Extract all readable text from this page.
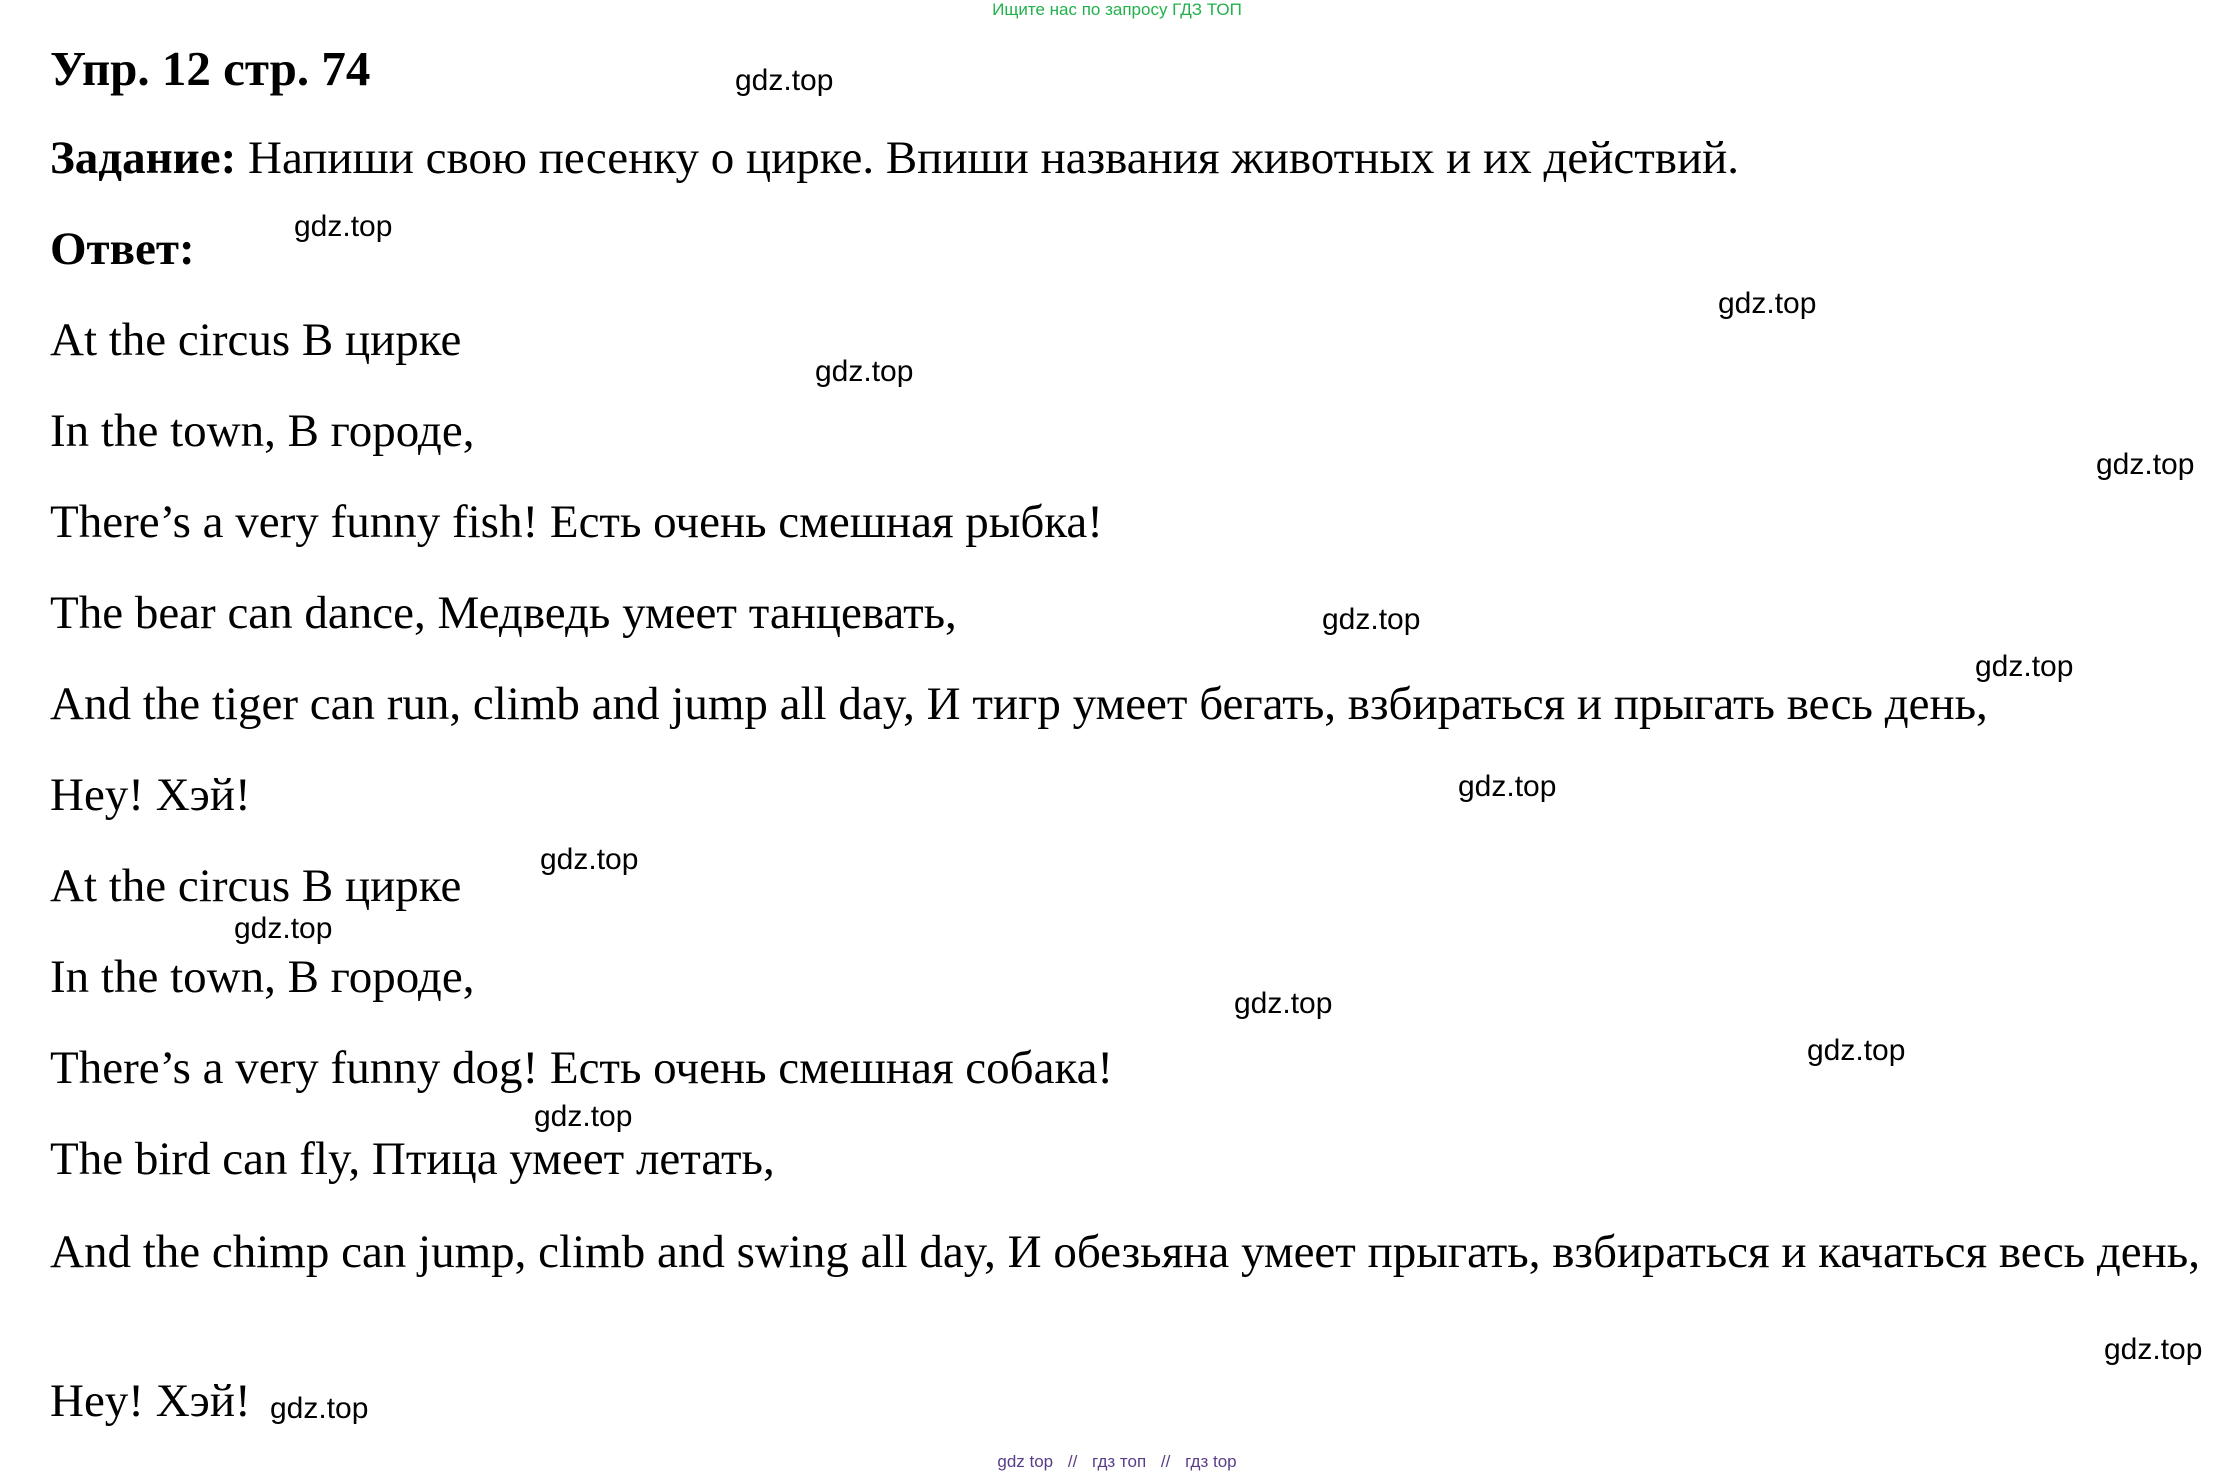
Ищите нас по запросу ГДЗ ТОП
Упр. 12 стр. 74

Задание: Напиши свою песенку о цирке. Впиши названия животных и их действий.

Ответ:

At the circus В цирке

In the town, В городе,

There’s a very funny fish! Есть очень смешная рыбка!

The bear can dance, Медведь умеет танцевать,

And the tiger can run, climb and jump all day, И тигр умеет бегать, взбираться и прыгать весь день,

Hey! Хэй!

At the circus В цирке

In the town, В городе,

There’s a very funny dog! Есть очень смешная собака!

The bird can fly, Птица умеет летать,

And the chimp can jump, climb and swing all day, И обезьяна умеет прыгать, взбираться и качаться весь день,

Hey! Хэй!

gdz.top
gdz.top
gdz.top
gdz.top
gdz.top
gdz.top
gdz.top
gdz.top
gdz.top
gdz.top
gdz.top
gdz.top
gdz.top
gdz.top
gdz.top
gdz top // гдз топ // гдз top
